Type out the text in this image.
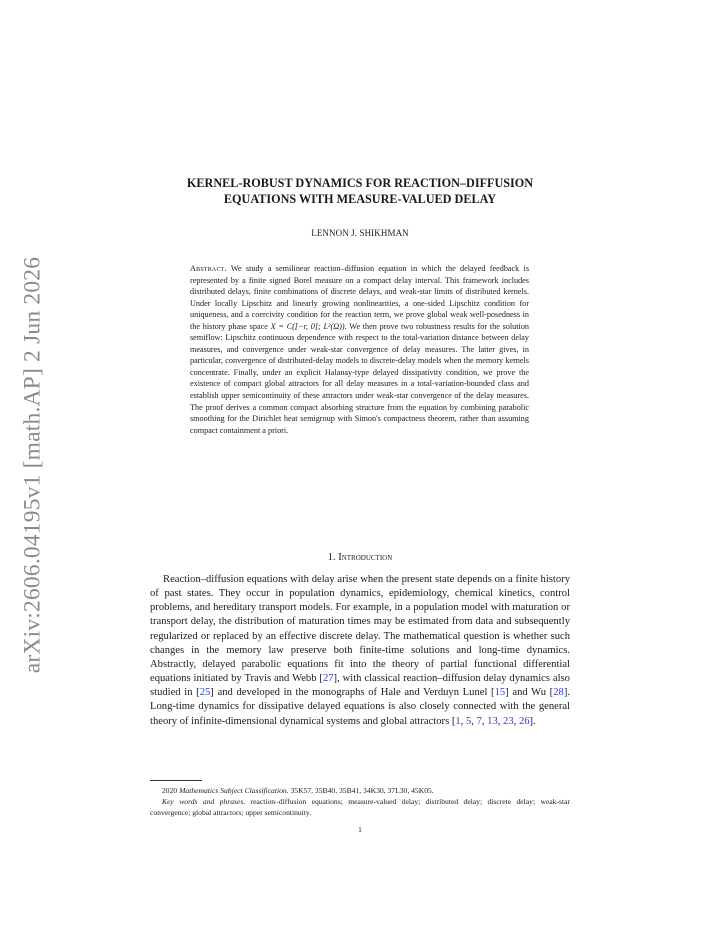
arXiv:2606.04195v1 [math.AP] 2 Jun 2026
KERNEL-ROBUST DYNAMICS FOR REACTION–DIFFUSION
EQUATIONS WITH MEASURE-VALUED DELAY
LENNON J. SHIKHMAN
Abstract. We study a semilinear reaction–diffusion equation in which the delayed feedback is represented by a finite signed Borel measure on a compact delay interval. This framework includes distributed delays, finite combinations of discrete delays, and weak-star limits of distributed kernels. Under locally Lipschitz and linearly growing nonlinearities, a one-sided Lipschitz condition for uniqueness, and a coercivity condition for the reaction term, we prove global weak well-posedness in the history phase space X = C([−r, 0]; L²(Ω)). We then prove two robustness results for the solution semiflow: Lipschitz continuous dependence with respect to the total-variation distance between delay measures, and convergence under weak-star convergence of delay measures. The latter gives, in particular, convergence of distributed-delay models to discrete-delay models when the memory kernels concentrate. Finally, under an explicit Halanay-type delayed dissipativity condition, we prove the existence of compact global attractors for all delay measures in a total-variation-bounded class and establish upper semicontinuity of these attractors under weak-star convergence of the delay measures. The proof derives a common compact absorbing structure from the equation by combining parabolic smoothing for the Dirichlet heat semigroup with Simon's compactness theorem, rather than assuming compact containment a priori.
1. Introduction
Reaction–diffusion equations with delay arise when the present state depends on a finite history of past states. They occur in population dynamics, epidemiology, chemical kinetics, control problems, and hereditary transport models. For example, in a population model with maturation or transport delay, the distribution of maturation times may be estimated from data and subsequently regularized or replaced by an effective discrete delay. The mathematical question is whether such changes in the memory law preserve both finite-time solutions and long-time dynamics. Abstractly, delayed parabolic equations fit into the theory of partial functional differential equations initiated by Travis and Webb [27], with classical reaction–diffusion delay dynamics also studied in [25] and developed in the monographs of Hale and Verduyn Lunel [15] and Wu [28]. Long-time dynamics for dissipative delayed equations is also closely connected with the general theory of infinite-dimensional dynamical systems and global attractors [1, 5, 7, 13, 23, 26].

2020 Mathematics Subject Classification. 35K57, 35B40, 35B41, 34K30, 37L30, 45K05.

Key words and phrases. reaction–diffusion equations; measure-valued delay; distributed delay; discrete delay; weak-star convergence; global attractors; upper semicontinuity.

1
